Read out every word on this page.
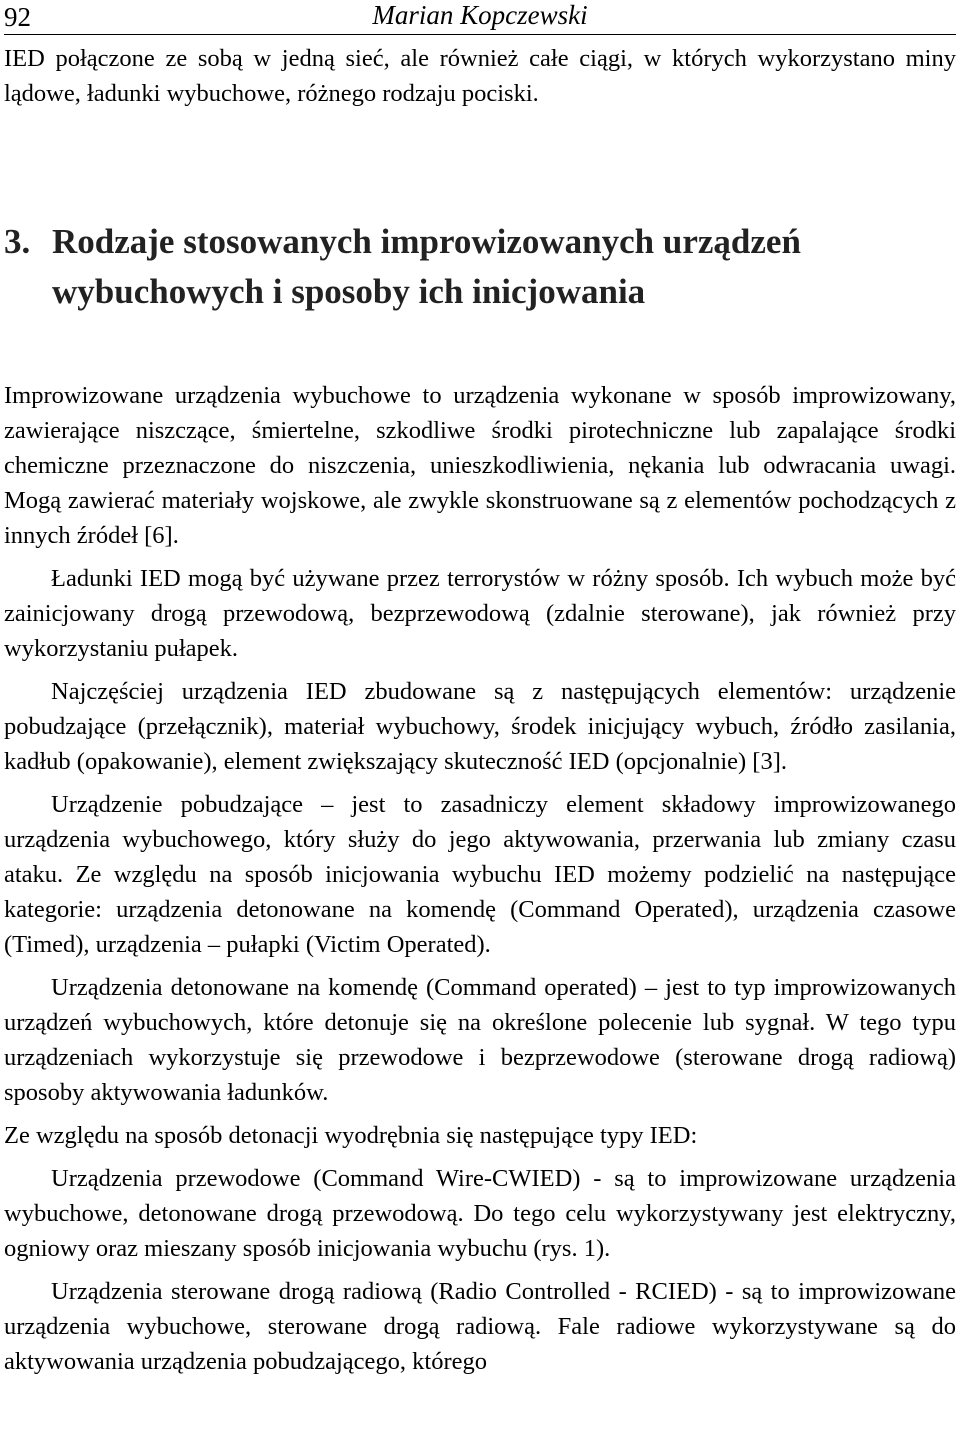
92	Marian Kopczewski

IED połączone ze sobą w jedną sieć, ale również całe ciągi, w których wykorzystano miny lądowe, ładunki wybuchowe, różnego rodzaju pociski.

3. Rodzaje stosowanych improwizowanych urządzeń wybuchowych i sposoby ich inicjowania

Improwizowane urządzenia wybuchowe to urządzenia wykonane w sposób improwizowany, zawierające niszczące, śmiertelne, szkodliwe środki pirotechniczne lub zapalające środki chemiczne przeznaczone do niszczenia, unieszkodliwienia, nękania lub odwracania uwagi. Mogą zawierać materiały wojskowe, ale zwykle skonstruowane są z elementów pochodzących z innych źródeł [6].

Ładunki IED mogą być używane przez terrorystów w różny sposób. Ich wybuch może być zainicjowany drogą przewodową, bezprzewodową (zdalnie sterowane), jak również przy wykorzystaniu pułapek.

Najczęściej urządzenia IED zbudowane są z następujących elementów: urządzenie pobudzające (przełącznik), materiał wybuchowy, środek inicjujący wybuch, źródło zasilania, kadłub (opakowanie), element zwiększający skuteczność IED (opcjonalnie) [3].

Urządzenie pobudzające – jest to zasadniczy element składowy improwizowanego urządzenia wybuchowego, który służy do jego aktywowania, przerwania lub zmiany czasu ataku. Ze względu na sposób inicjowania wybuchu IED możemy podzielić na następujące kategorie: urządzenia detonowane na komendę (Command Operated), urządzenia czasowe (Timed), urządzenia – pułapki (Victim Operated).

Urządzenia detonowane na komendę (Command operated) – jest to typ improwizowanych urządzeń wybuchowych, które detonuje się na określone polecenie lub sygnał. W tego typu urządzeniach wykorzystuje się przewodowe i bezprzewodowe (sterowane drogą radiową) sposoby aktywowania ładunków.

Ze względu na sposób detonacji wyodrębnia się następujące typy IED:

Urządzenia przewodowe (Command Wire-CWIED) - są to improwizowane urządzenia wybuchowe, detonowane drogą przewodową. Do tego celu wykorzystywany jest elektryczny, ogniowy oraz mieszany sposób inicjowania wybuchu (rys. 1).

Urządzenia sterowane drogą radiową (Radio Controlled - RCIED) - są to improwizowane urządzenia wybuchowe, sterowane drogą radiową. Fale radiowe wykorzystywane są do aktywowania urządzenia pobudzającego, którego
